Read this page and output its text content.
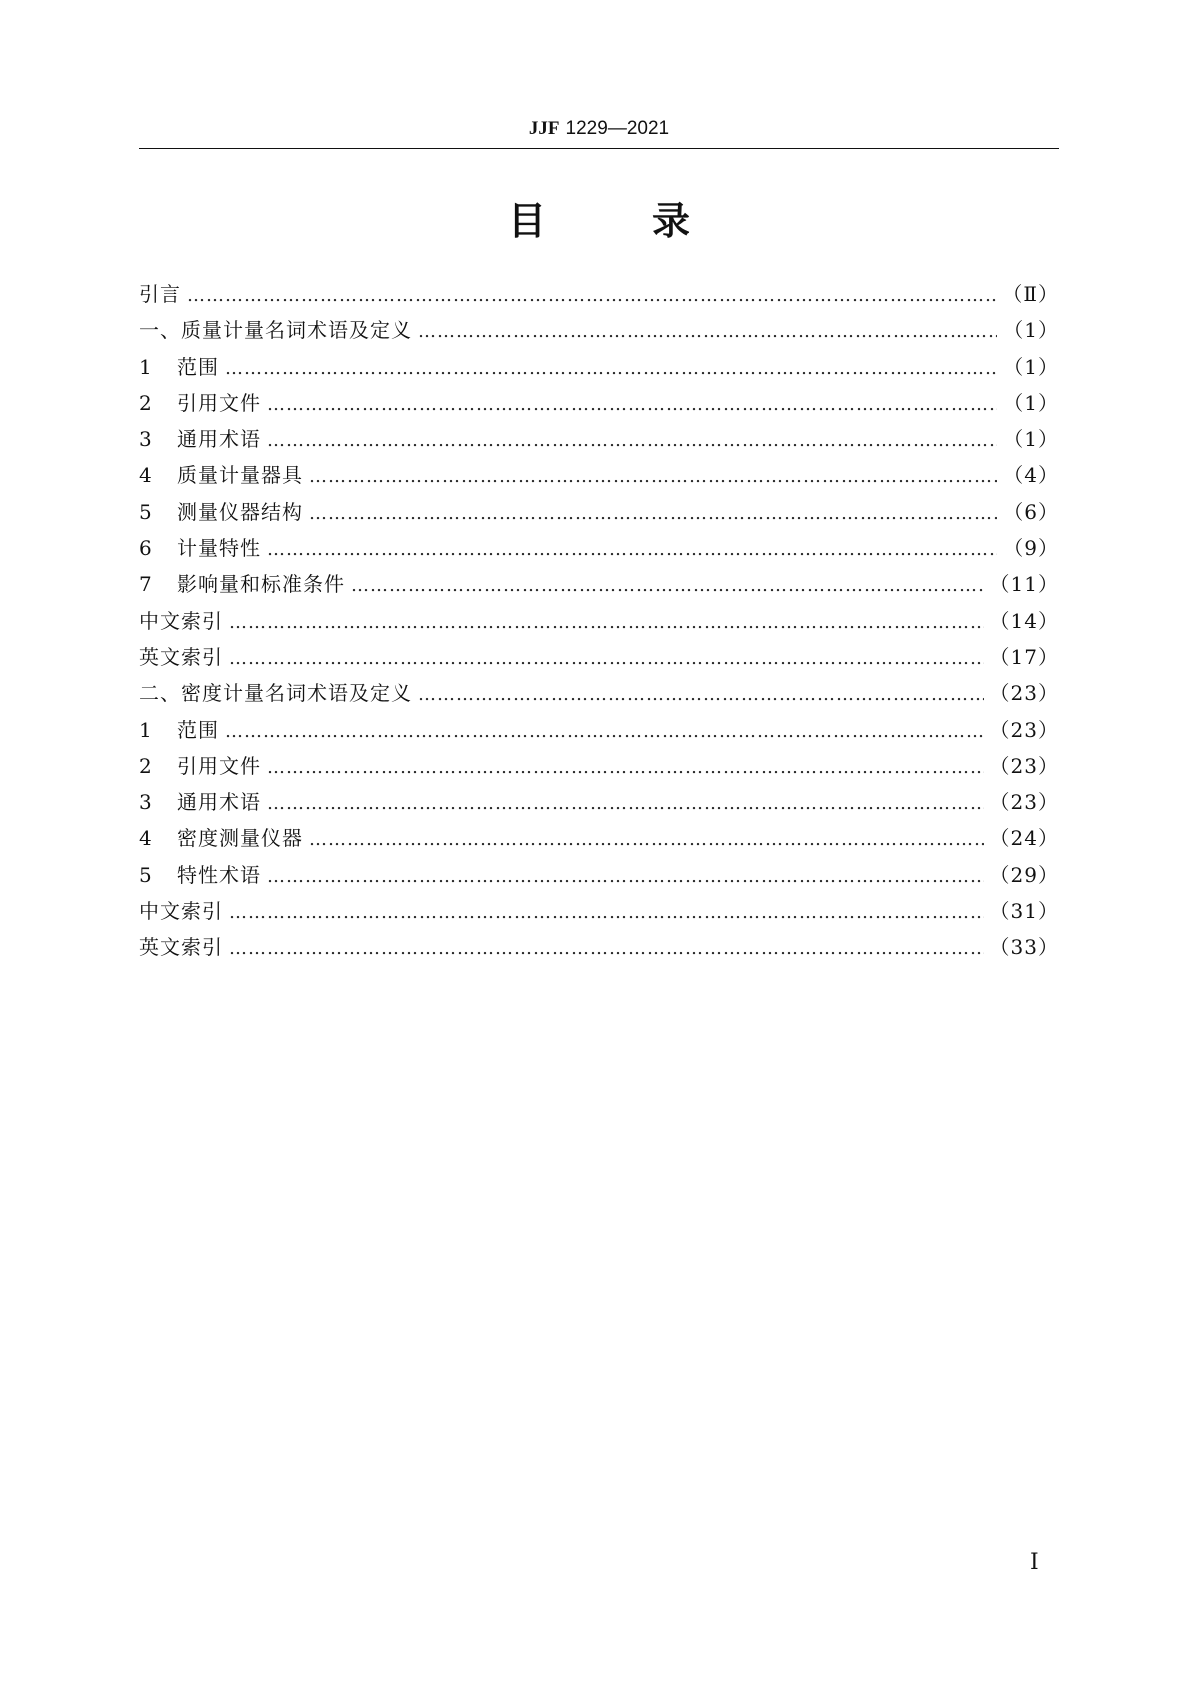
JJF 1229—2021
目	录
引言 ……………………………………………………………………………………………………………………………………………………………………………………………………………………………………	（Ⅱ）
一、质量计量名词术语及定义 ……………………………………………………………………………………………………………………………………………………………………………………………………………………………………	（1）
1	范围 ……………………………………………………………………………………………………………………………………………………………………………………………………………………………………	（1）
2	引用文件 ……………………………………………………………………………………………………………………………………………………………………………………………………………………………………	（1）
3	通用术语 ……………………………………………………………………………………………………………………………………………………………………………………………………………………………………	（1）
4	质量计量器具 ……………………………………………………………………………………………………………………………………………………………………………………………………………………………………	（4）
5	测量仪器结构 ……………………………………………………………………………………………………………………………………………………………………………………………………………………………………	（6）
6	计量特性 ……………………………………………………………………………………………………………………………………………………………………………………………………………………………………	（9）
7	影响量和标准条件 ……………………………………………………………………………………………………………………………………………………………………………………………………………………………………	（11）
中文索引 ……………………………………………………………………………………………………………………………………………………………………………………………………………………………………	（14）
英文索引 ……………………………………………………………………………………………………………………………………………………………………………………………………………………………………	（17）
二、密度计量名词术语及定义 ……………………………………………………………………………………………………………………………………………………………………………………………………………………………………	（23）
1	范围 ……………………………………………………………………………………………………………………………………………………………………………………………………………………………………	（23）
2	引用文件 ……………………………………………………………………………………………………………………………………………………………………………………………………………………………………	（23）
3	通用术语 ……………………………………………………………………………………………………………………………………………………………………………………………………………………………………	（23）
4	密度测量仪器 ……………………………………………………………………………………………………………………………………………………………………………………………………………………………………	（24）
5	特性术语 ……………………………………………………………………………………………………………………………………………………………………………………………………………………………………	（29）
中文索引 ……………………………………………………………………………………………………………………………………………………………………………………………………………………………………	（31）
英文索引 ……………………………………………………………………………………………………………………………………………………………………………………………………………………………………	（33）
Ⅰ
